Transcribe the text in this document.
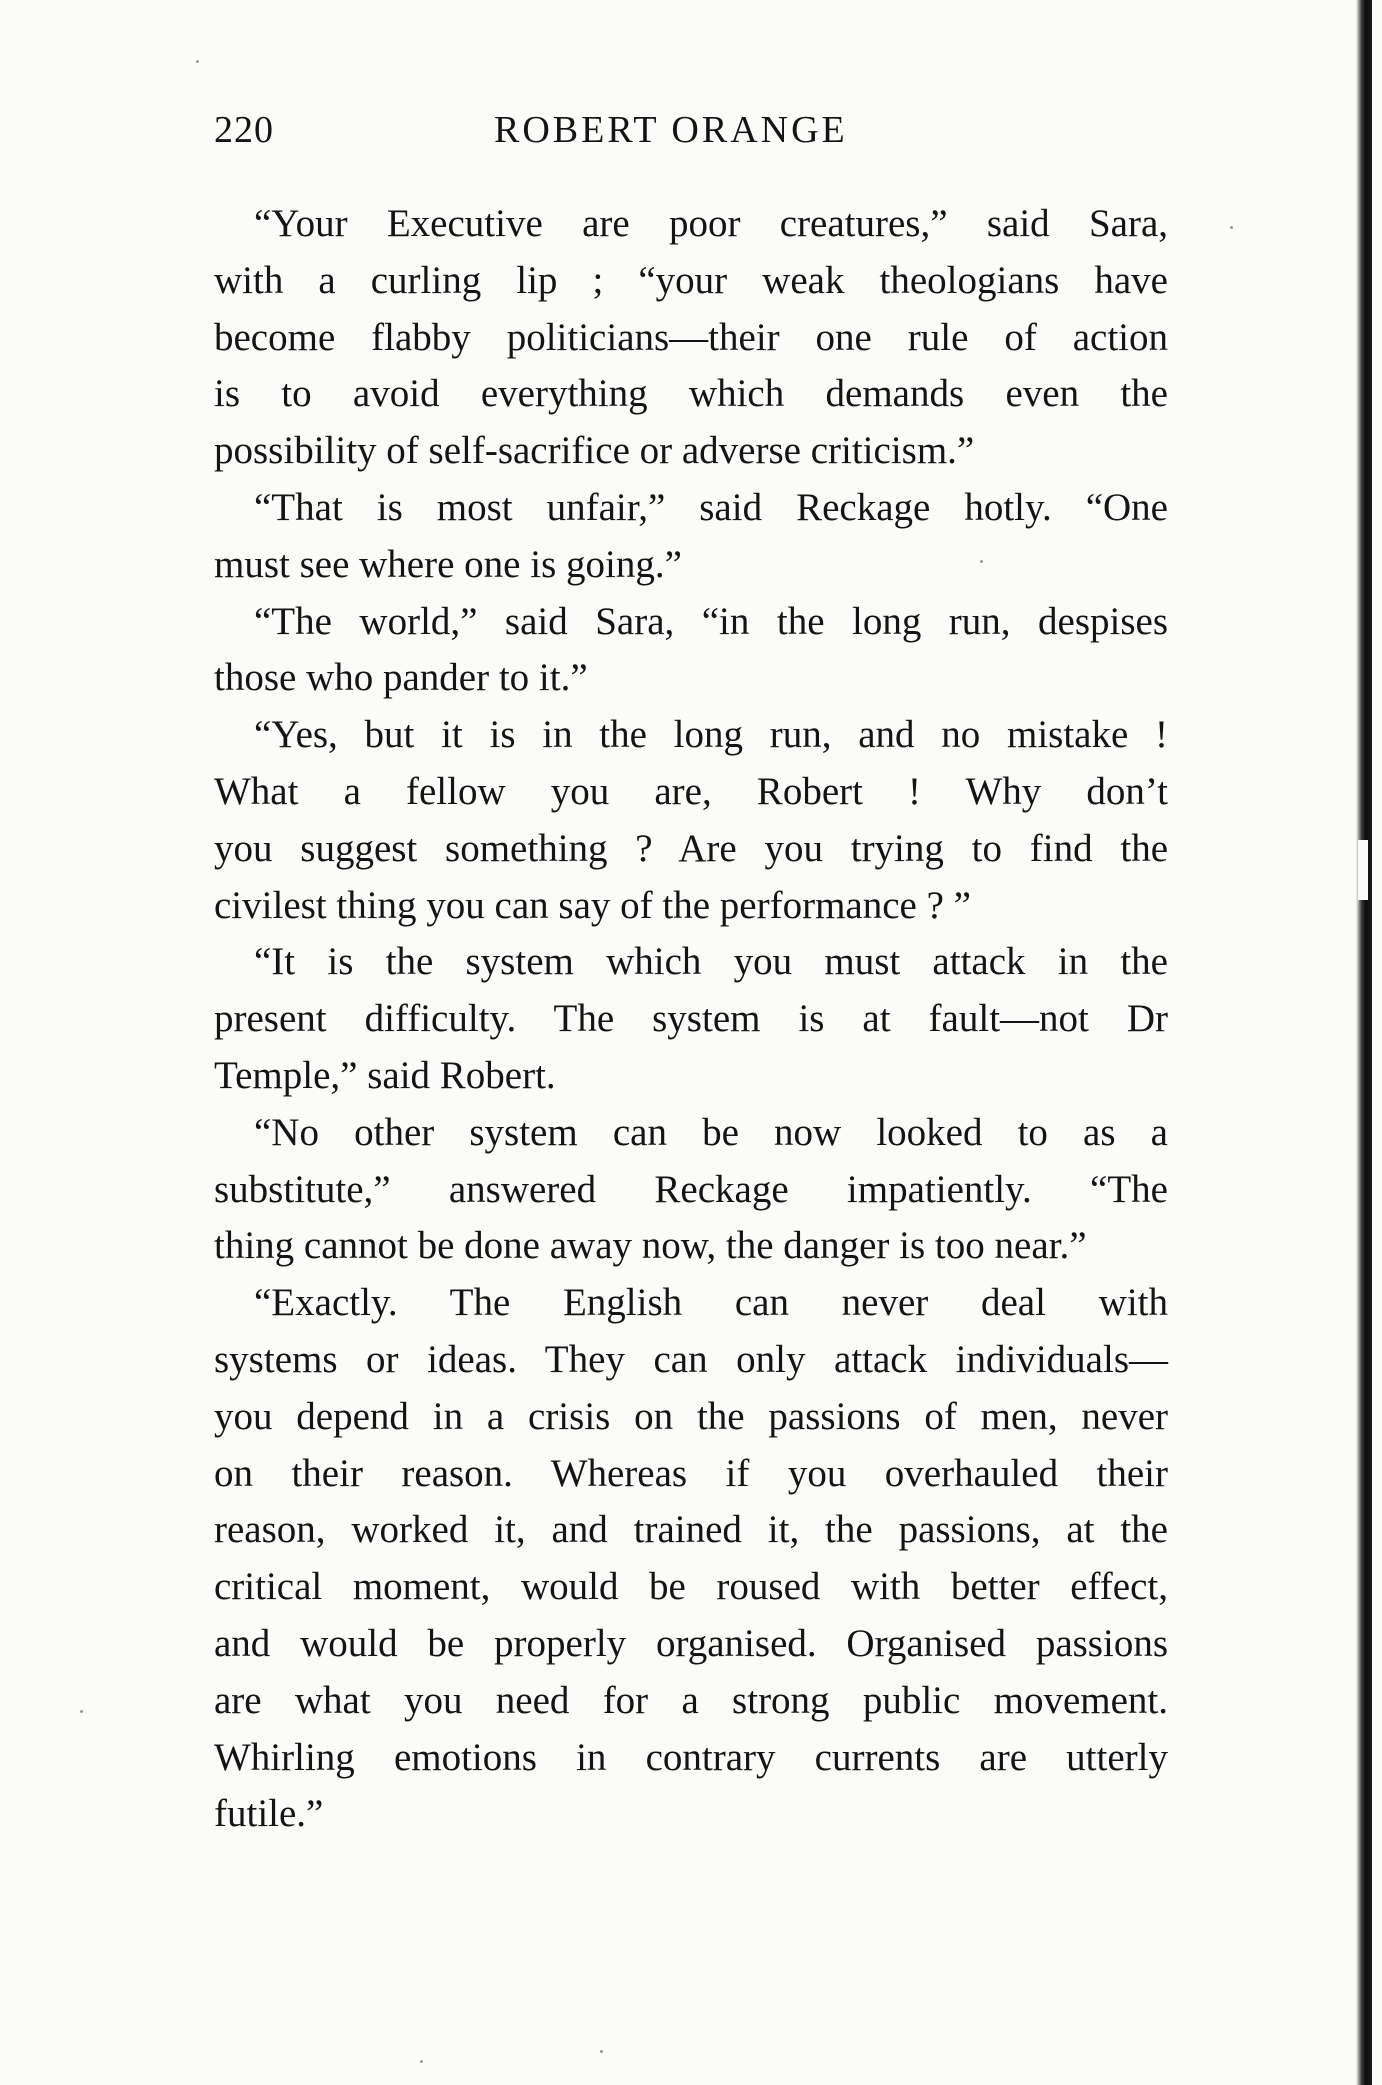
220	ROBERT ORANGE
“Your Executive are poor creatures,” said Sara,
with a curling lip ; “your weak theologians have
become flabby politicians—their one rule of action
is to avoid everything which demands even the
possibility of self-sacrifice or adverse criticism.”
“That is most unfair,” said Reckage hotly. “One
must see where one is going.”
“The world,” said Sara, “in the long run, despises
those who pander to it.”
“Yes, but it is in the long run, and no mistake !
What a fellow you are, Robert ! Why don’t
you suggest something ? Are you trying to find the
civilest thing you can say of the performance ? ”
“It is the system which you must attack in the
present difficulty. The system is at fault—not Dr
Temple,” said Robert.
“No other system can be now looked to as a
substitute,” answered Reckage impatiently. “The
thing cannot be done away now, the danger is too near.”
“Exactly. The English can never deal with
systems or ideas. They can only attack individuals—
you depend in a crisis on the passions of men, never
on their reason. Whereas if you overhauled their
reason, worked it, and trained it, the passions, at the
critical moment, would be roused with better effect,
and would be properly organised. Organised passions
are what you need for a strong public movement.
Whirling emotions in contrary currents are utterly
futile.”
